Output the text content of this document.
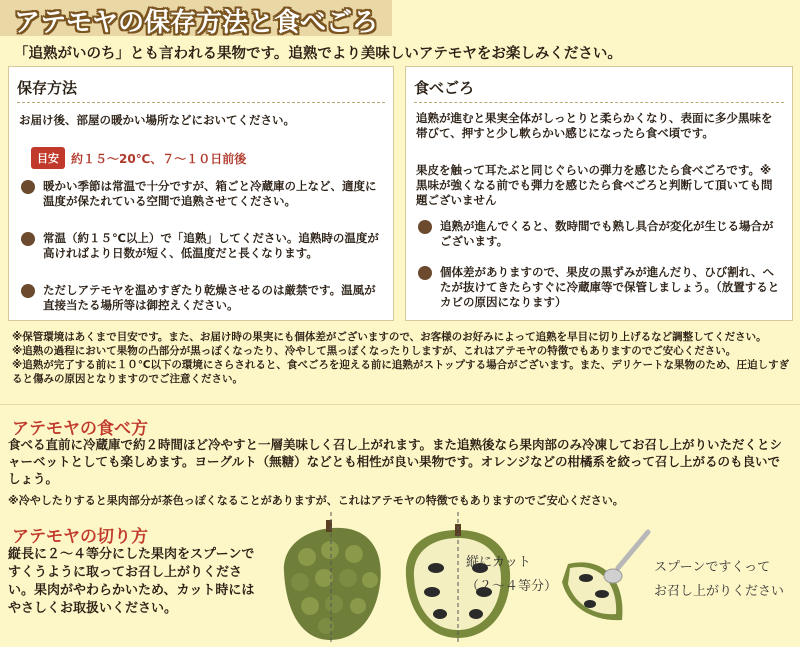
アテモヤの保存方法と食べごろ
「追熟がいのち」とも言われる果物です。追熟でより美味しいアテモヤをお楽しみください。
保存方法
お届け後、部屋の暖かい場所などにおいてください。
目安	約１５～20℃、７～１０日前後
暖かい季節は常温で十分ですが、箱ごと冷蔵庫の上など、適度に温度が保たれている空間で追熟させてください。
常温（約１５℃以上）で「追熟」してください。追熟時の温度が高ければより日数が短く、低温度だと長くなります。
ただしアテモヤを温めすぎたり乾燥させるのは厳禁です。温風が直接当たる場所等は御控えください。
食べごろ
追熟が進むと果実全体がしっとりと柔らかくなり、表面に多少黒味を帯びて、押すと少し軟らかい感じになったら食べ頃です。
果皮を触って耳たぶと同じぐらいの弾力を感じたら食べごろです。※黒味が強くなる前でも弾力を感じたら食べごろと判断して頂いても問題ございません
追熟が進んでくると、数時間でも熟し具合が変化が生じる場合がございます。
個体差がありますので、果皮の黒ずみが進んだり、ひび割れ、へたが抜けてきたらすぐに冷蔵庫等で保管しましょう。（放置するとカビの原因になります）
※保管環境はあくまで目安です。また、お届け時の果実にも個体差がございますので、お客様のお好みによって追熟を早目に切り上げるなど調整してください。
※追熟の過程において果物の凸部分が黒っぽくなったり、冷やして黒っぽくなったりしますが、これはアテモヤの特徴でもありますのでご安心ください。
※追熟が完了する前に１０℃以下の環境にさらされると、食べごろを迎える前に追熟がストップする場合がございます。また、デリケートな果物のため、圧迫しすぎると傷みの原因となりますのでご注意ください。
アテモヤの食べ方
食べる直前に冷蔵庫で約２時間ほど冷やすと一層美味しく召し上がれます。また追熟後なら果肉部のみ冷凍してお召し上がりいただくとシャーベットとしても楽しめます。ヨーグルト（無糖）などとも相性が良い果物です。オレンジなどの柑橘系を絞って召し上がるのも良いでしょう。
※冷やしたりすると果肉部分が茶色っぽくなることがありますが、これはアテモヤの特徴でもありますのでご安心ください。
アテモヤの切り方
縦長に２～４等分にした果肉をスプーンですくうように取ってお召し上がりください。果肉がやわらかいため、カット時にはやさしくお取扱いください。
縦にカット
（２～４等分）
スプーンですくって
お召し上がりください
